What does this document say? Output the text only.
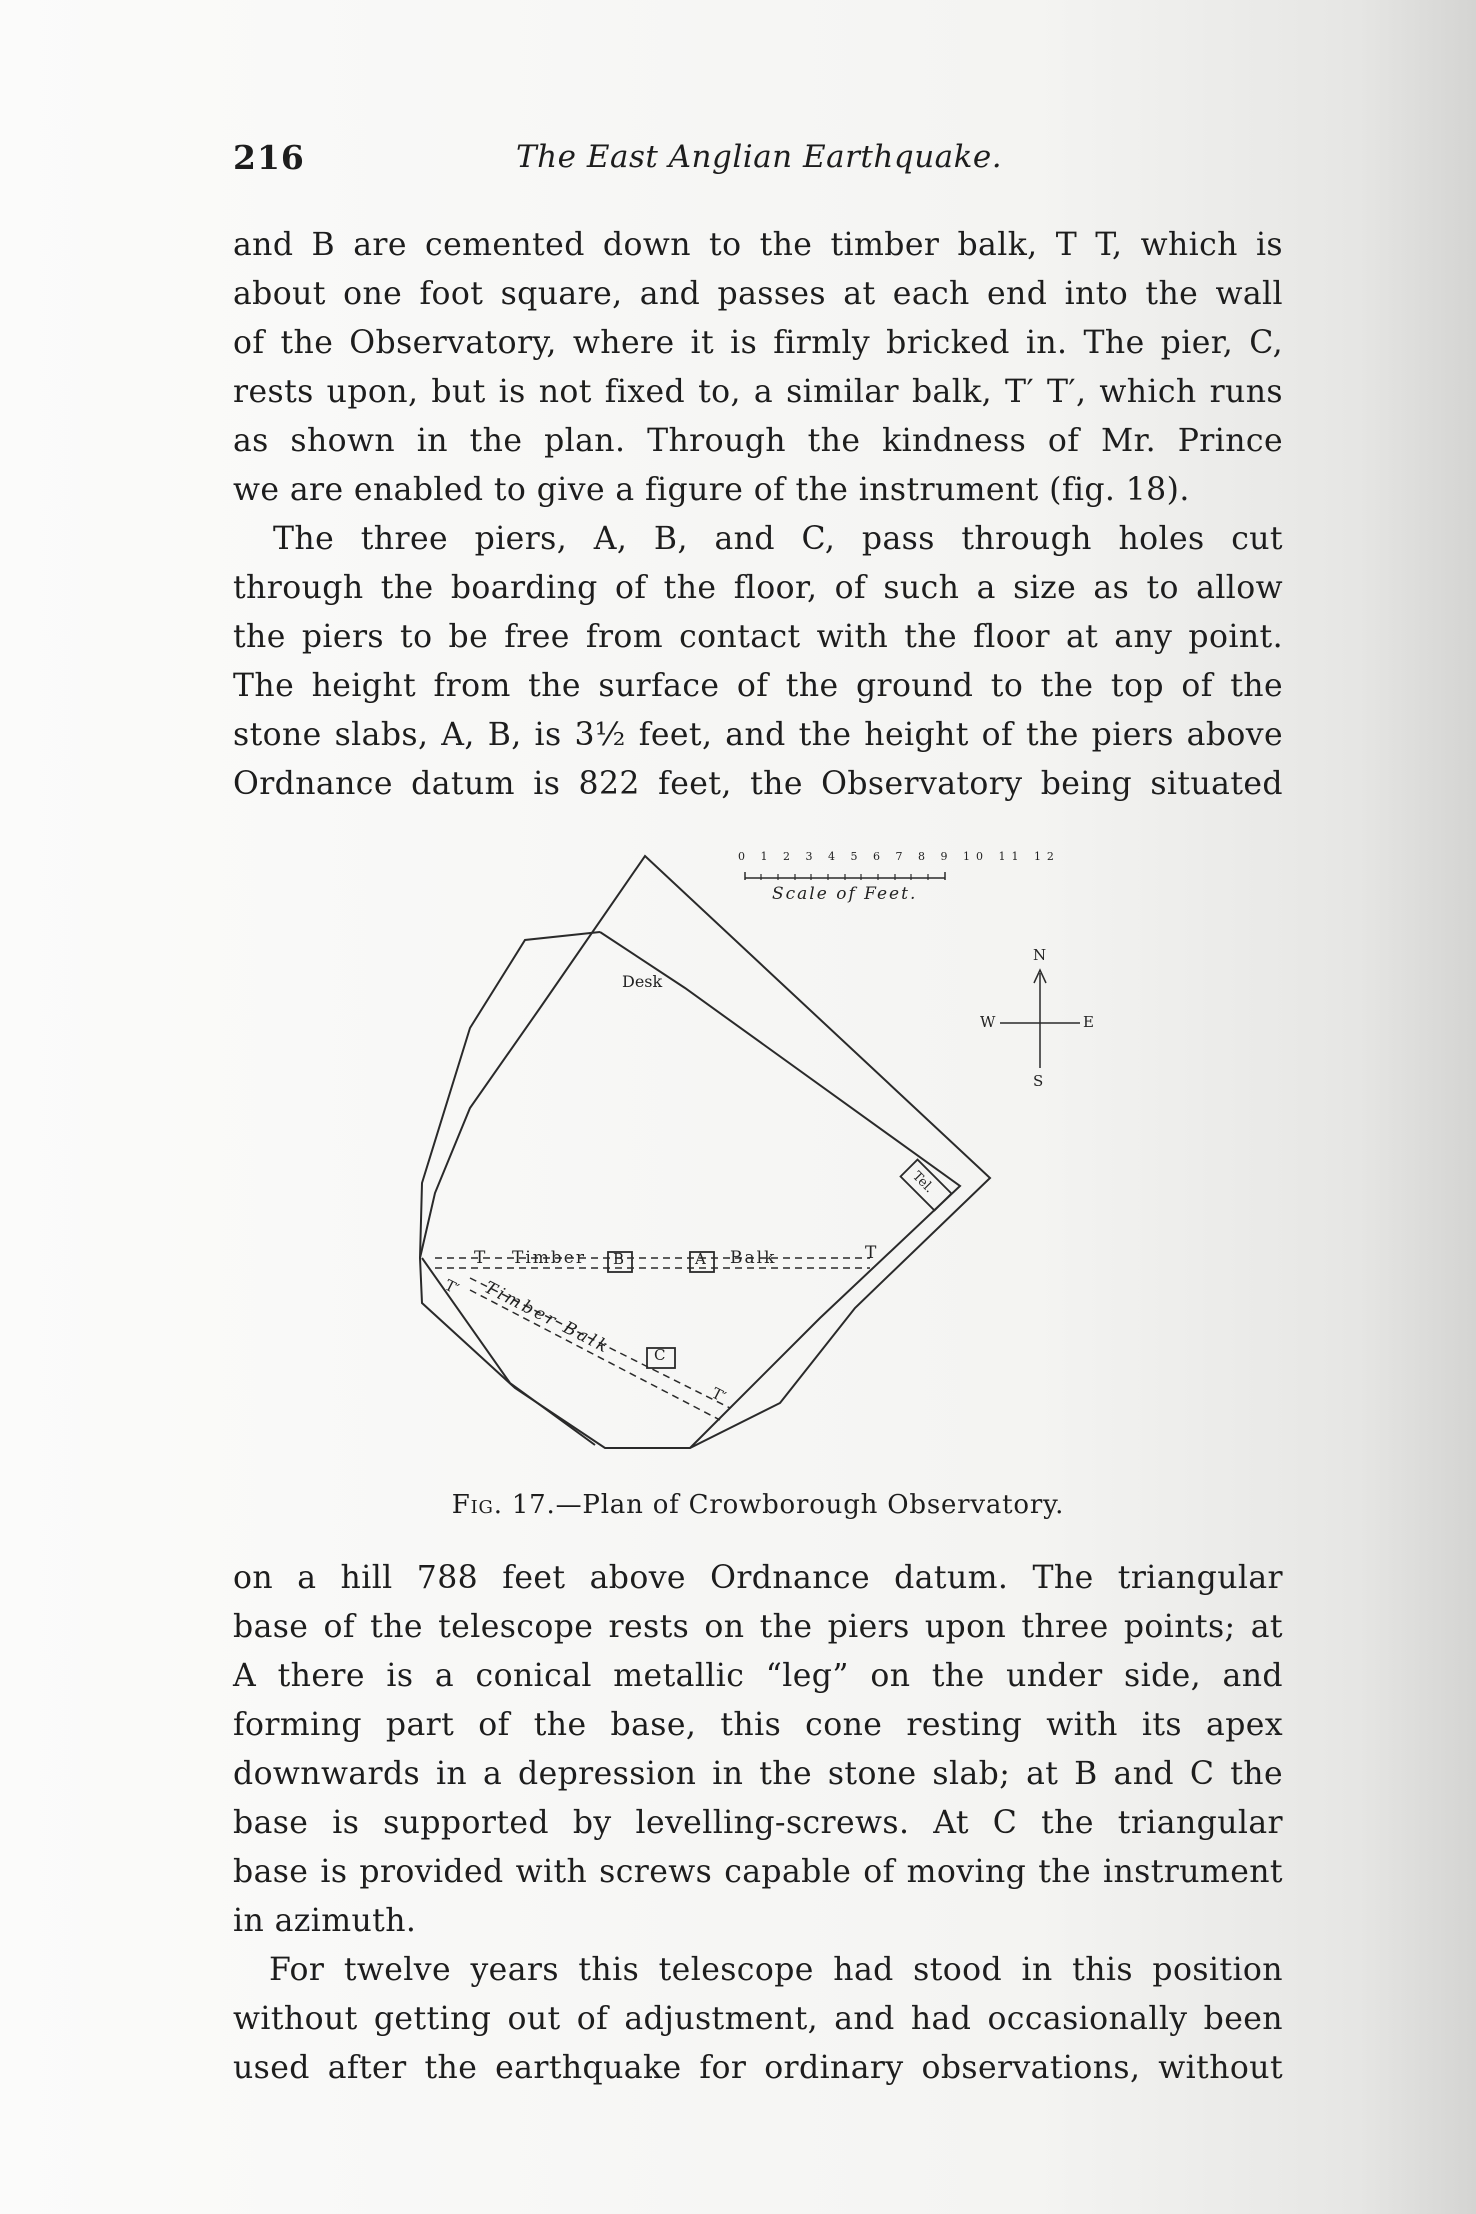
216	The East Anglian Earthquake.
and B are cemented down to the timber balk, T T, which is
about one foot square, and passes at each end into the wall
of the Observatory, where it is firmly bricked in. The pier, C,
rests upon, but is not fixed to, a similar balk, T′ T′, which runs
as shown in the plan. Through the kindness of Mr. Prince
we are enabled to give a figure of the instrument (fig. 18).
The three piers, A, B, and C, pass through holes cut
through the boarding of the floor, of such a size as to allow
the piers to be free from contact with the floor at any point.
The height from the surface of the ground to the top of the
stone slabs, A, B, is 3½ feet, and the height of the piers above
Ordnance datum is 822 feet, the Observatory being situated
0 1 2 3 4 5 6 7 8 9 10 11 12
Scale of Feet.
Desk
N
S
E
W
Tel.
T Timber B	A Balk	T
T′ Timber Balk	C
T′
Fig. 17.—Plan of Crowborough Observatory.
on a hill 788 feet above Ordnance datum. The triangular
base of the telescope rests on the piers upon three points; at
A there is a conical metallic “leg” on the under side, and
forming part of the base, this cone resting with its apex
downwards in a depression in the stone slab; at B and C the
base is supported by levelling-screws. At C the triangular
base is provided with screws capable of moving the instrument
in azimuth.
For twelve years this telescope had stood in this position
without getting out of adjustment, and had occasionally been
used after the earthquake for ordinary observations, without
